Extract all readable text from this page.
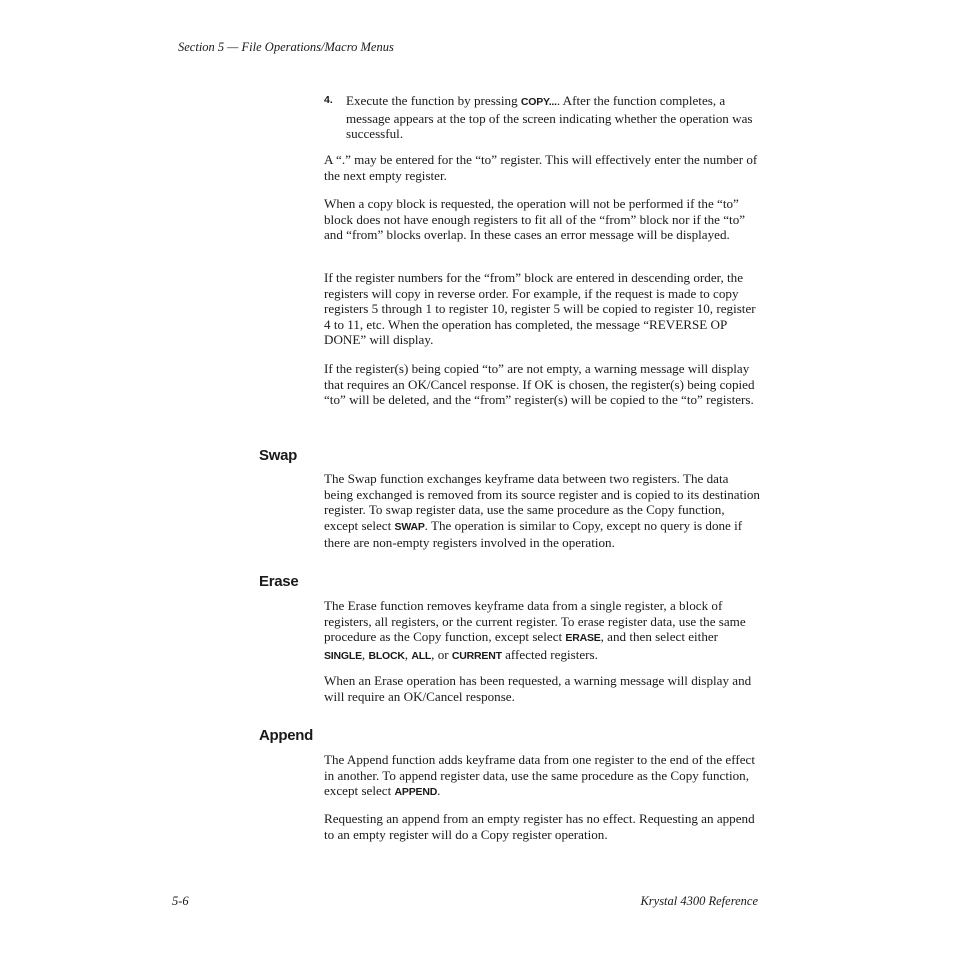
Section 5 — File Operations/Macro Menus
4. Execute the function by pressing COPY.... After the function completes, a message appears at the top of the screen indicating whether the operation was successful.

A “.” may be entered for the “to” register. This will effectively enter the number of the next empty register.

When a copy block is requested, the operation will not be performed if the “to” block does not have enough registers to fit all of the “from” block nor if the “to” and “from” blocks overlap. In these cases an error message will be displayed.

If the register numbers for the “from” block are entered in descending order, the registers will copy in reverse order. For example, if the request is made to copy registers 5 through 1 to register 10, register 5 will be copied to register 10, register 4 to 11, etc. When the operation has completed, the message “REVERSE OP DONE” will display.

If the register(s) being copied “to” are not empty, a warning message will display that requires an OK/Cancel response. If OK is chosen, the register(s) being copied “to” will be deleted, and the “from” register(s) will be copied to the “to” registers.

Swap

The Swap function exchanges keyframe data between two registers. The data being exchanged is removed from its source register and is copied to its destination register. To swap register data, use the same procedure as the Copy function, except select SWAP. The operation is similar to Copy, except no query is done if there are non-empty registers involved in the operation.

Erase

The Erase function removes keyframe data from a single register, a block of registers, all registers, or the current register. To erase register data, use the same procedure as the Copy function, except select ERASE, and then select either SINGLE, BLOCK, ALL, or CURRENT affected registers.

When an Erase operation has been requested, a warning message will display and will require an OK/Cancel response.

Append

The Append function adds keyframe data from one register to the end of the effect in another. To append register data, use the same procedure as the Copy function, except select APPEND.

Requesting an append from an empty register has no effect. Requesting an append to an empty register will do a Copy register operation.

5-6	Krystal 4300 Reference
